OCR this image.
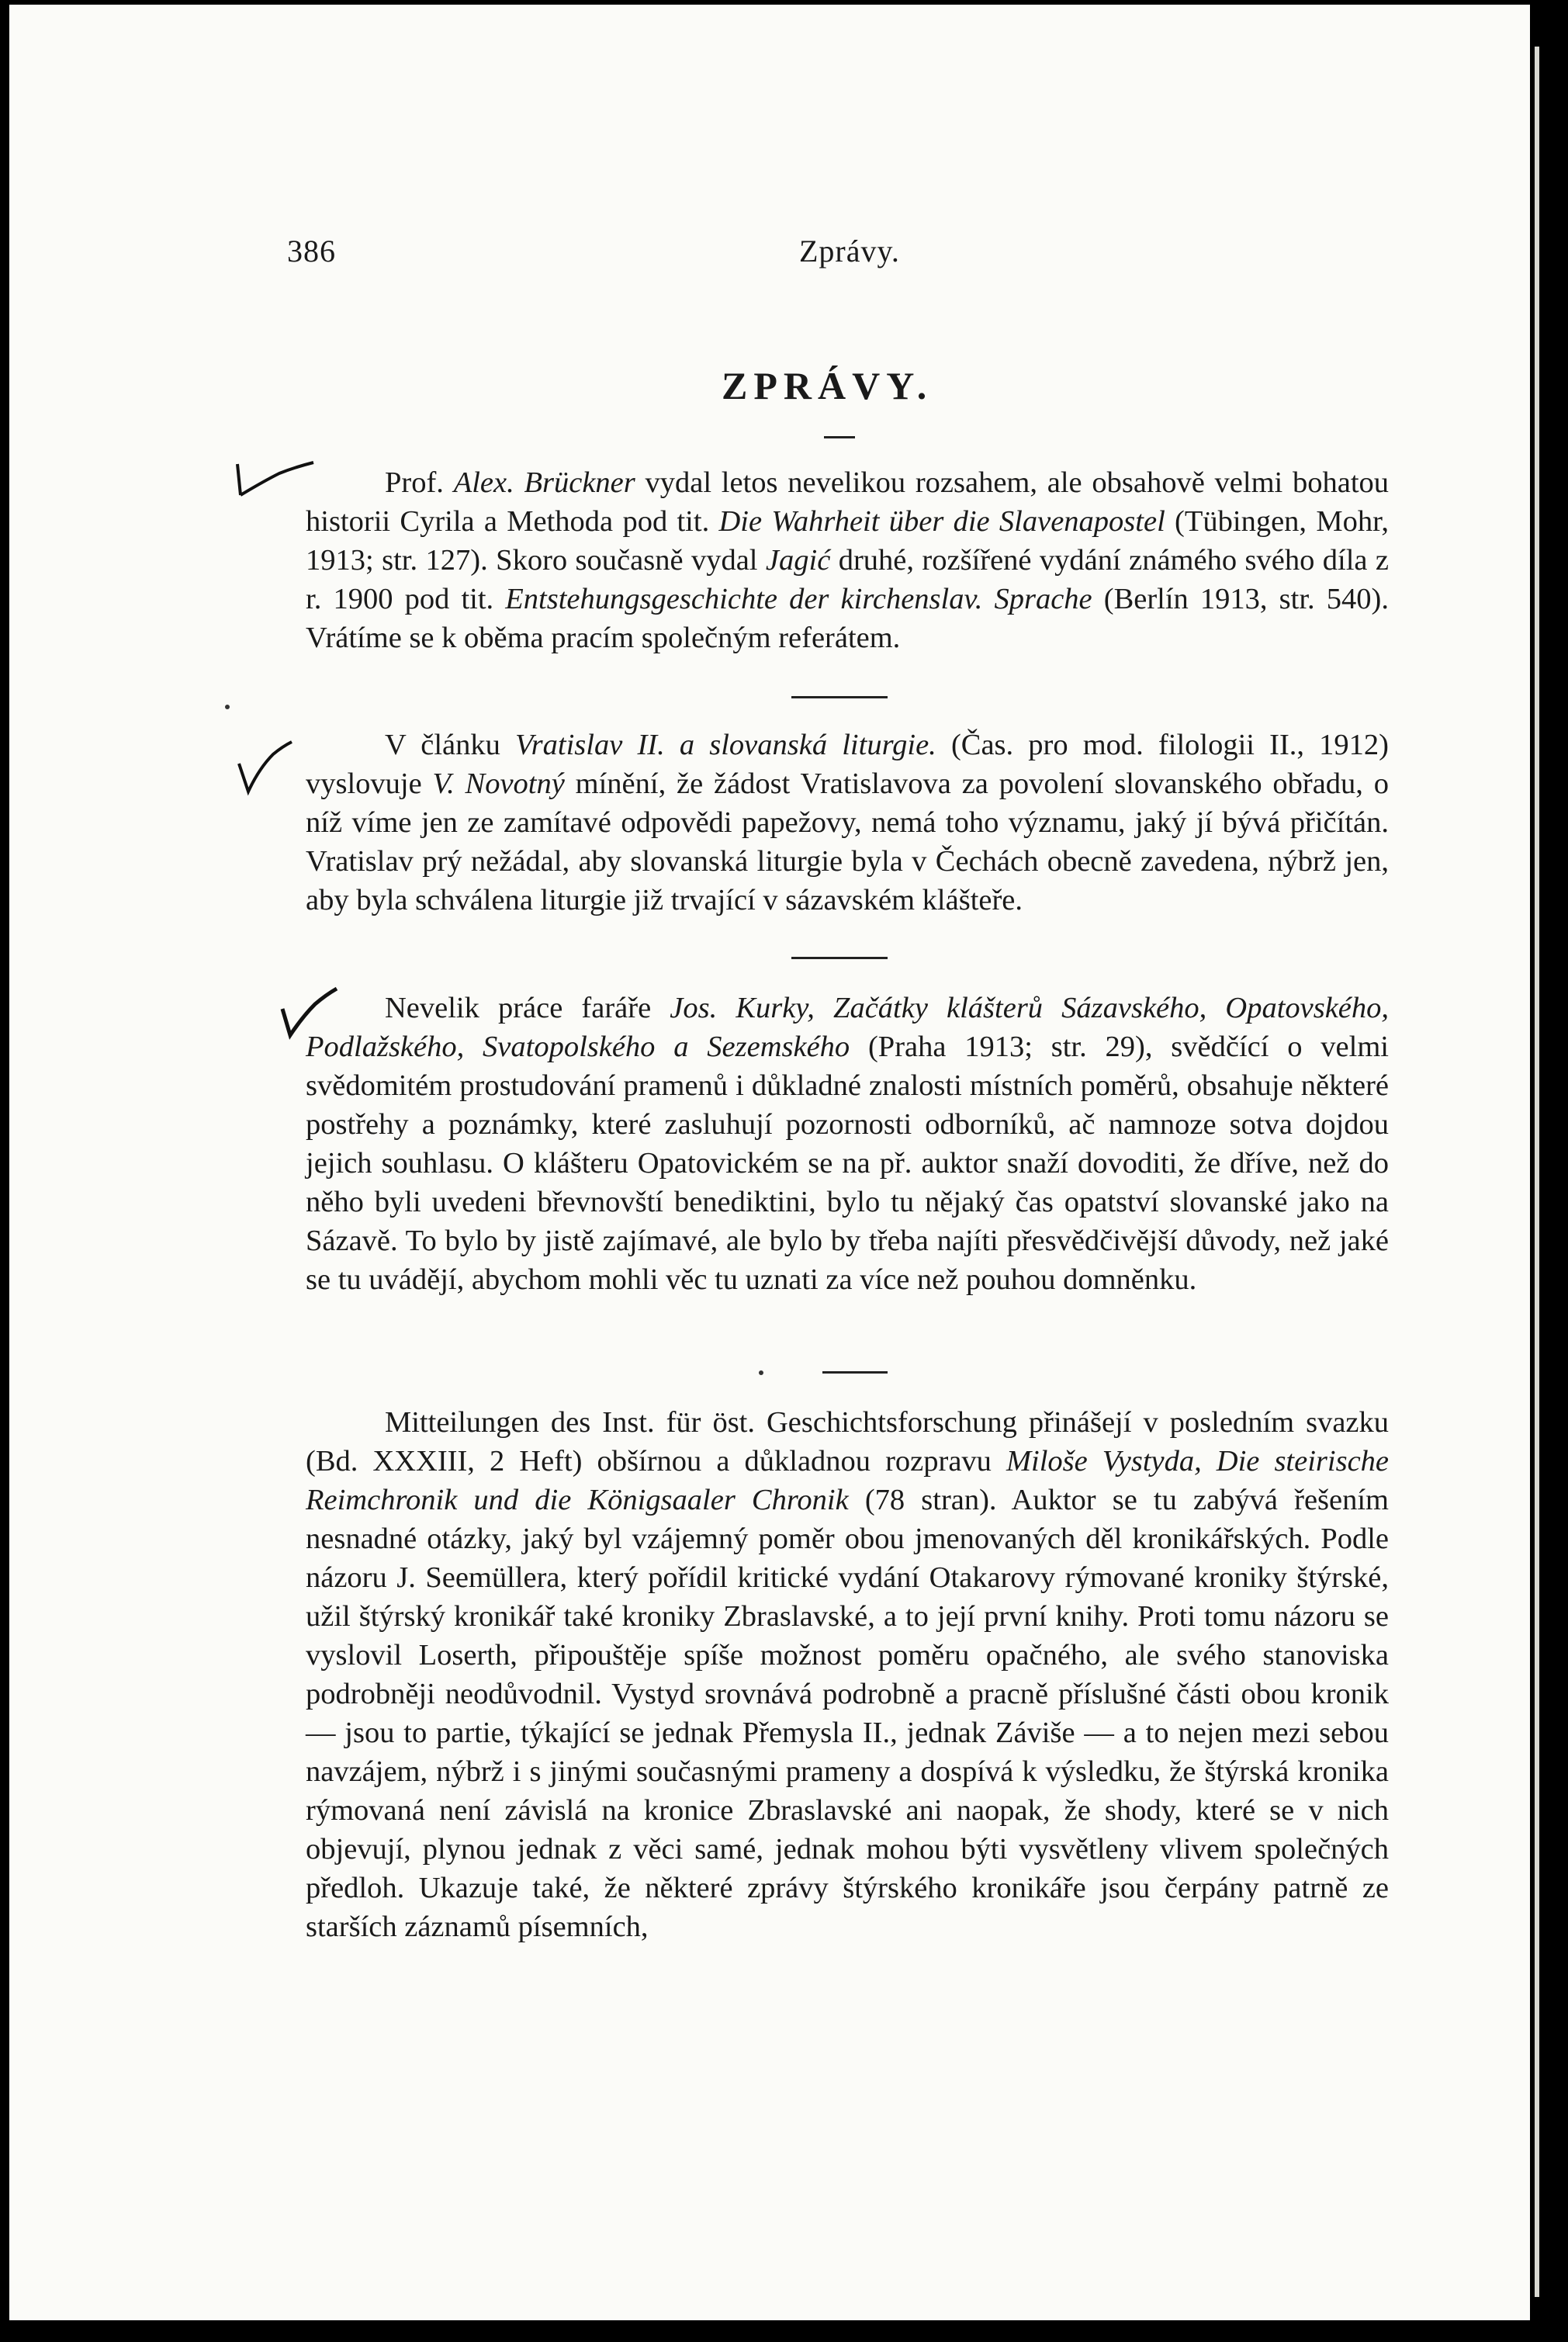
386	Zprávy.
ZPRÁVY.
Prof. Alex. Brückner vydal letos nevelikou rozsahem, ale obsahově velmi bohatou historii Cyrila a Methoda pod tit. Die Wahrheit über die Slavenapostel (Tübingen, Mohr, 1913; str. 127). Skoro současně vydal Jagić druhé, rozšířené vydání známého svého díla z r. 1900 pod tit. Entstehungsgeschichte der kirchenslav. Sprache (Berlín 1913, str. 540). Vrátíme se k oběma pracím společným referátem.
V článku Vratislav II. a slovanská liturgie. (Čas. pro mod. filologii II., 1912) vyslovuje V. Novotný mínění, že žádost Vratislavova za povolení slovanského obřadu, o níž víme jen ze zamítavé odpovědi papežovy, nemá toho významu, jaký jí bývá přičítán. Vratislav prý nežádal, aby slovanská liturgie byla v Čechách obecně zavedena, nýbrž jen, aby byla schválena liturgie již trvající v sázavském klášteře.
Nevelik práce faráře Jos. Kurky, Začátky klášterů Sázavského, Opatovského, Podlažského, Svatopolského a Sezemského (Praha 1913; str. 29), svědčící o velmi svědomitém prostudování pramenů i důkladné znalosti místních poměrů, obsahuje některé postřehy a poznámky, které zasluhují pozornosti odborníků, ač namnoze sotva dojdou jejich souhlasu. O klášteru Opatovickém se na př. auktor snaží dovoditi, že dříve, než do něho byli uvedeni břevnovští benediktini, bylo tu nějaký čas opatství slovanské jako na Sázavě. To bylo by jistě zajímavé, ale bylo by třeba najíti přesvědčivější důvody, než jaké se tu uvádějí, abychom mohli věc tu uznati za více než pouhou domněnku.
Mitteilungen des Inst. für öst. Geschichtsforschung přinášejí v posledním svazku (Bd. XXXIII, 2 Heft) obšírnou a důkladnou rozpravu Miloše Vystyda, Die steirische Reimchronik und die Königsaaler Chronik (78 stran). Auktor se tu zabývá řešením nesnadné otázky, jaký byl vzájemný poměr obou jmenovaných děl kronikářských. Podle názoru J. Seemüllera, který pořídil kritické vydání Otakarovy rýmované kroniky štýrské, užil štýrský kronikář také kroniky Zbraslavské, a to její první knihy. Proti tomu názoru se vyslovil Loserth, připouštěje spíše možnost poměru opačného, ale svého stanoviska podrobněji neodůvodnil. Vystyd srovnává podrobně a pracně příslušné části obou kronik — jsou to partie, týkající se jednak Přemysla II., jednak Záviše — a to nejen mezi sebou navzájem, nýbrž i s jinými současnými prameny a dospívá k výsledku, že štýrská kronika rýmovaná není závislá na kronice Zbraslavské ani naopak, že shody, které se v nich objevují, plynou jednak z věci samé, jednak mohou býti vysvětleny vlivem společných předloh. Ukazuje také, že některé zprávy štýrského kronikáře jsou čerpány patrně ze starších záznamů písemních,
